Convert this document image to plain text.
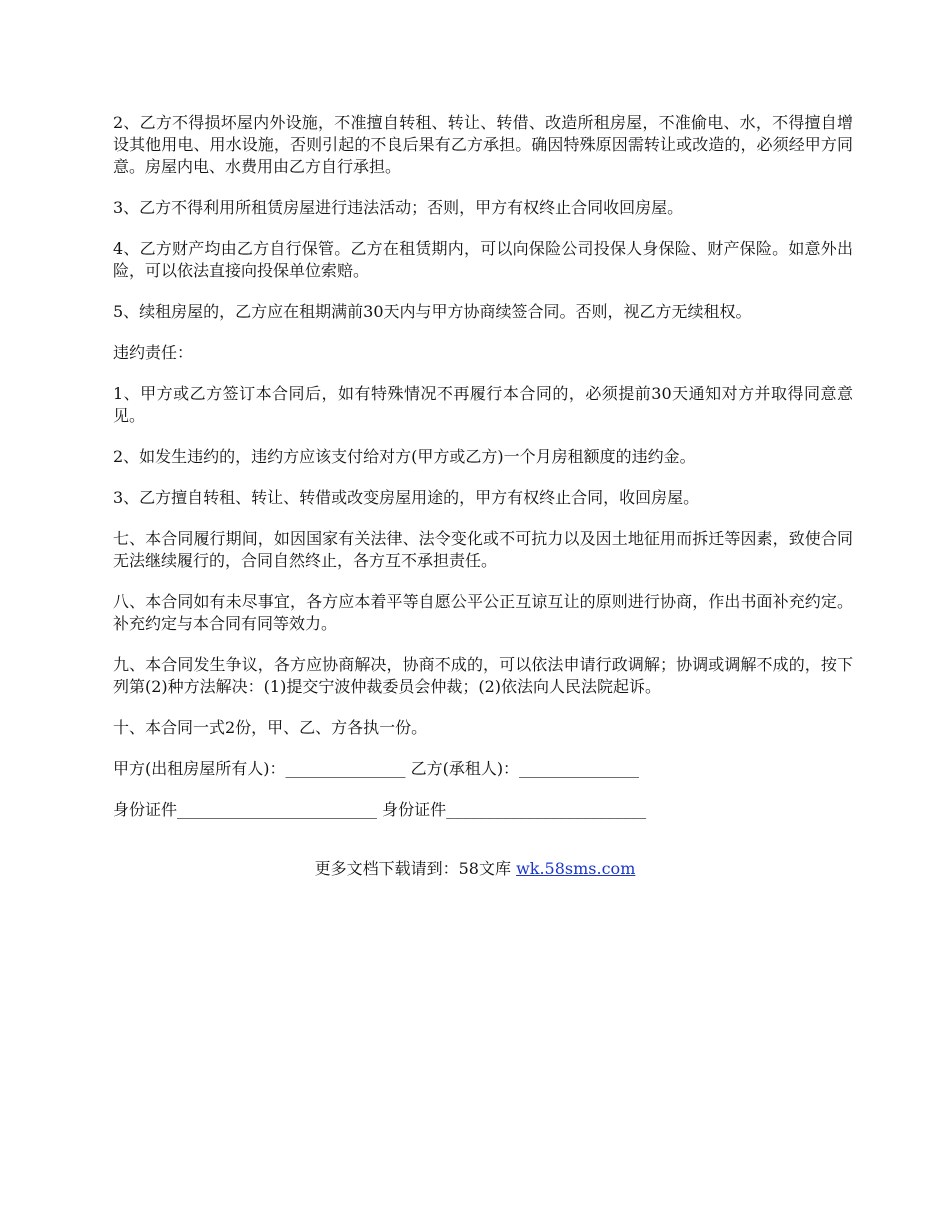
2、乙方不得损坏屋内外设施，不准擅自转租、转让、转借、改造所租房屋，不准偷电、水，不得擅自增设其他用电、用水设施，否则引起的不良后果有乙方承担。确因特殊原因需转让或改造的，必须经甲方同意。房屋内电、水费用由乙方自行承担。

3、乙方不得利用所租赁房屋进行违法活动；否则，甲方有权终止合同收回房屋。

4、乙方财产均由乙方自行保管。乙方在租赁期内，可以向保险公司投保人身保险、财产保险。如意外出险，可以依法直接向投保单位索赔。

5、续租房屋的，乙方应在租期满前30天内与甲方协商续签合同。否则，视乙方无续租权。

违约责任：

1、甲方或乙方签订本合同后，如有特殊情况不再履行本合同的，必须提前30天通知对方并取得同意意见。

2、如发生违约的，违约方应该支付给对方(甲方或乙方)一个月房租额度的违约金。

3、乙方擅自转租、转让、转借或改变房屋用途的，甲方有权终止合同，收回房屋。

七、本合同履行期间，如因国家有关法律、法令变化或不可抗力以及因土地征用而拆迁等因素，致使合同无法继续履行的，合同自然终止，各方互不承担责任。

八、本合同如有未尽事宜，各方应本着平等自愿公平公正互谅互让的原则进行协商，作出书面补充约定。补充约定与本合同有同等效力。

九、本合同发生争议，各方应协商解决，协商不成的，可以依法申请行政调解；协调或调解不成的，按下列第(2)种方法解决：(1)提交宁波仲裁委员会仲裁；(2)依法向人民法院起诉。

十、本合同一式2份，甲、乙、方各执一份。

甲方(出租房屋所有人)：_______________ 乙方(承租人)：_______________

身份证件_________________________ 身份证件_________________________

更多文档下载请到：58文库 wk.58sms.com
